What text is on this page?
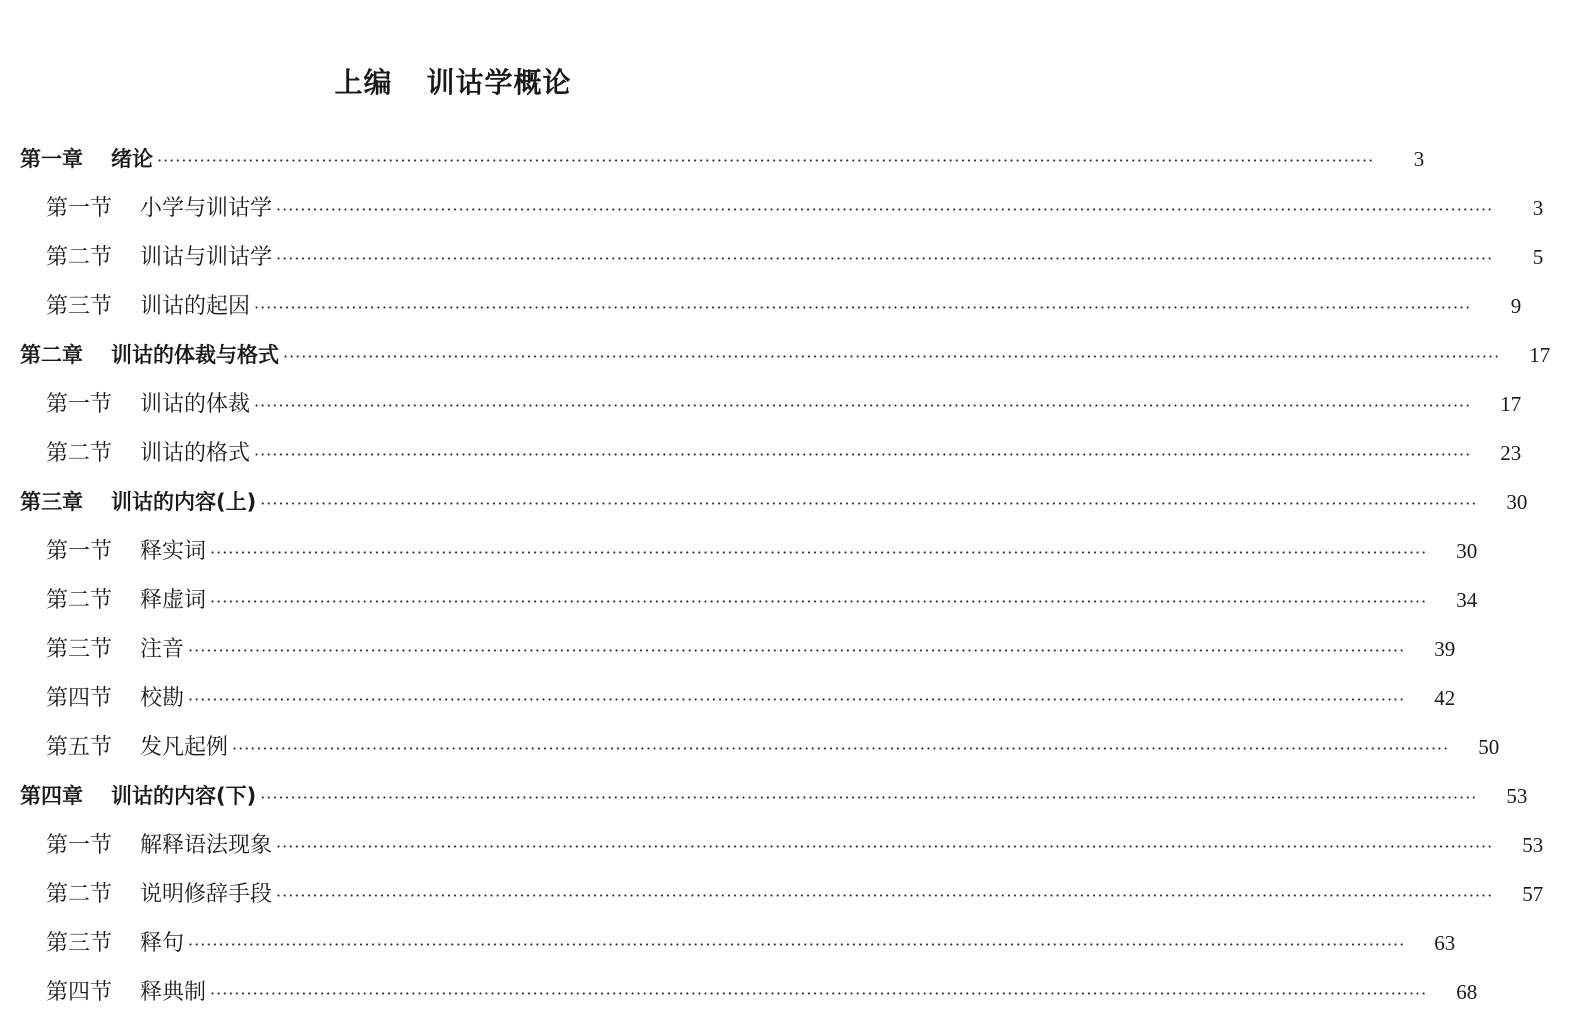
上编 训诂学概论
第一章	绪论 ········································································································································································································	3
第一节	小学与训诂学 ········································································································································································································	3
第二节	训诂与训诂学 ········································································································································································································	5
第三节	训诂的起因 ········································································································································································································	9
第二章	训诂的体裁与格式 ········································································································································································································	17
第一节	训诂的体裁 ········································································································································································································	17
第二节	训诂的格式 ········································································································································································································	23
第三章	训诂的内容(上) ········································································································································································································	30
第一节	释实词 ········································································································································································································	30
第二节	释虚词 ········································································································································································································	34
第三节	注音 ········································································································································································································	39
第四节	校勘 ········································································································································································································	42
第五节	发凡起例 ········································································································································································································	50
第四章	训诂的内容(下) ········································································································································································································	53
第一节	解释语法现象 ········································································································································································································	53
第二节	说明修辞手段 ········································································································································································································	57
第三节	释句 ········································································································································································································	63
第四节	释典制 ········································································································································································································	68
